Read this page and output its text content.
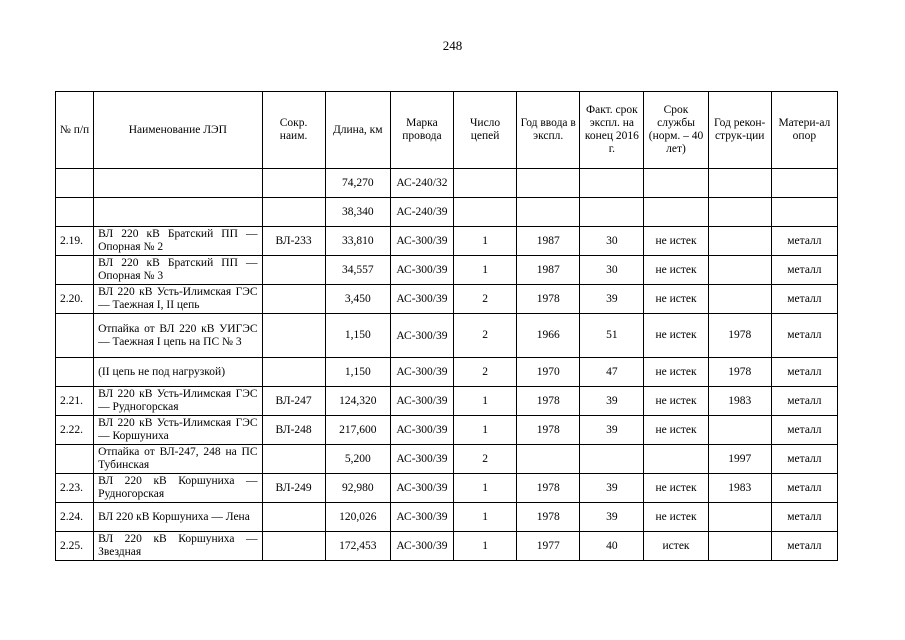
248
№ п/п	Наименование ЛЭП	Сокр. наим.	Длина, км	Марка провода	Число цепей	Год ввода в экспл.	Факт. срок экспл. на конец 2016 г.	Срок службы (норм. – 40 лет)	Год рекон-струк-ции	Матери-ал опор
			74,270	АС-240/32						
			38,340	АС-240/39						
2.19.	ВЛ 220 кВ Братский ПП — Опорная № 2	ВЛ-233	33,810	АС-300/39	1	1987	30	не истек		металл
	ВЛ 220 кВ Братский ПП — Опорная № 3		34,557	АС-300/39	1	1987	30	не истек		металл
2.20.	ВЛ 220 кВ Усть-Илимская ГЭС — Таежная I, II цепь		3,450	АС-300/39	2	1978	39	не истек		металл
	Отпайка от ВЛ 220 кВ УИГЭС — Таежная I цепь на ПС № 3		1,150	АС-300/39	2	1966	51	не истек	1978	металл
	(II цепь не под нагрузкой)		1,150	АС-300/39	2	1970	47	не истек	1978	металл
2.21.	ВЛ 220 кВ Усть-Илимская ГЭС — Рудногорская	ВЛ-247	124,320	АС-300/39	1	1978	39	не истек	1983	металл
2.22.	ВЛ 220 кВ Усть-Илимская ГЭС — Коршуниха	ВЛ-248	217,600	АС-300/39	1	1978	39	не истек		металл
	Отпайка от ВЛ-247, 248 на ПС Тубинская		5,200	АС-300/39	2				1997	металл
2.23.	ВЛ 220 кВ Коршуниха — Рудногорская	ВЛ-249	92,980	АС-300/39	1	1978	39	не истек	1983	металл
2.24.	ВЛ 220 кВ Коршуниха — Лена		120,026	АС-300/39	1	1978	39	не истек		металл
2.25.	ВЛ 220 кВ Коршуниха — Звездная		172,453	АС-300/39	1	1977	40	истек		металл
